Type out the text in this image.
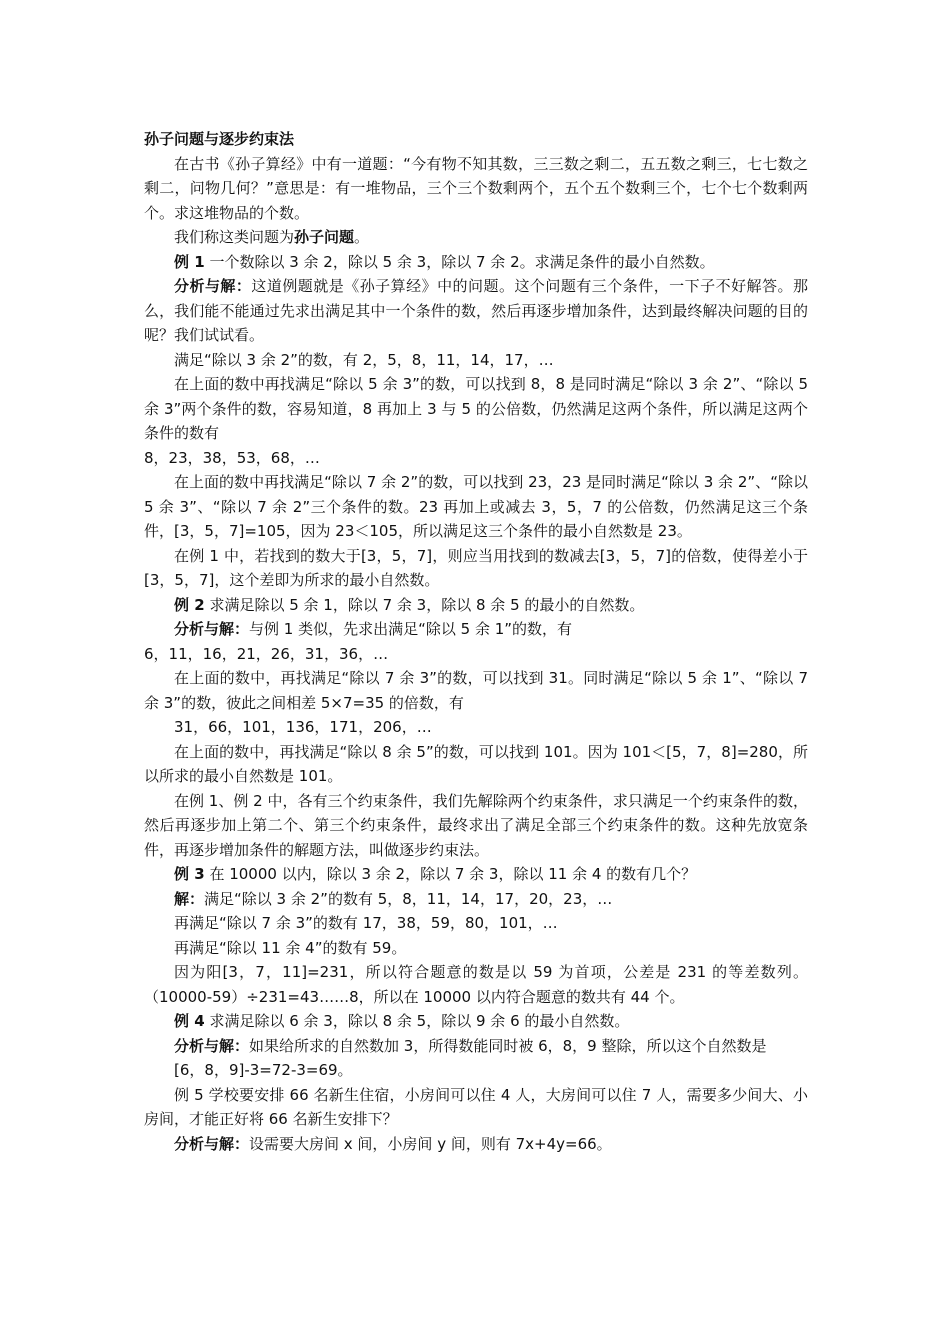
孙子问题与逐步约束法

在古书《孙子算经》中有一道题：“今有物不知其数，三三数之剩二，五五数之剩三，七七数之剩二，问物几何？”意思是：有一堆物品，三个三个数剩两个，五个五个数剩三个，七个七个数剩两个。求这堆物品的个数。

我们称这类问题为孙子问题。

例 1 一个数除以 3 余 2，除以 5 余 3，除以 7 余 2。求满足条件的最小自然数。

分析与解：这道例题就是《孙子算经》中的问题。这个问题有三个条件，一下子不好解答。那么，我们能不能通过先求出满足其中一个条件的数，然后再逐步增加条件，达到最终解决问题的目的呢？我们试试看。

满足“除以 3 余 2”的数，有 2，5，8，11，14，17，…

在上面的数中再找满足“除以 5 余 3”的数，可以找到 8，8 是同时满足“除以 3 余 2”、“除以 5 余 3”两个条件的数，容易知道，8 再加上 3 与 5 的公倍数，仍然满足这两个条件，所以满足这两个条件的数有

8，23，38，53，68，…

在上面的数中再找满足“除以 7 余 2”的数，可以找到 23，23 是同时满足“除以 3 余 2”、“除以 5 余 3”、“除以 7 余 2”三个条件的数。23 再加上或减去 3，5，7 的公倍数，仍然满足这三个条件，[3，5，7]=105，因为 23＜105，所以满足这三个条件的最小自然数是 23。

在例 1 中，若找到的数大于[3，5，7]，则应当用找到的数减去[3，5，7]的倍数，使得差小于[3，5，7]，这个差即为所求的最小自然数。

例 2 求满足除以 5 余 1，除以 7 余 3，除以 8 余 5 的最小的自然数。

分析与解：与例 1 类似，先求出满足“除以 5 余 1”的数，有

6，11，16，21，26，31，36，…

在上面的数中，再找满足“除以 7 余 3”的数，可以找到 31。同时满足“除以 5 余 1”、“除以 7 余 3”的数，彼此之间相差 5×7=35 的倍数，有

31，66，101，136，171，206，…

在上面的数中，再找满足“除以 8 余 5”的数，可以找到 101。因为 101＜[5，7，8]=280，所以所求的最小自然数是 101。

在例 1、例 2 中，各有三个约束条件，我们先解除两个约束条件，求只满足一个约束条件的数，然后再逐步加上第二个、第三个约束条件，最终求出了满足全部三个约束条件的数。这种先放宽条件，再逐步增加条件的解题方法，叫做逐步约束法。

例 3 在 10000 以内，除以 3 余 2，除以 7 余 3，除以 11 余 4 的数有几个？

解：满足“除以 3 余 2”的数有 5，8，11，14，17，20，23，…

再满足“除以 7 余 3”的数有 17，38，59，80，101，…

再满足“除以 11 余 4”的数有 59。

因为阳[3，7，11]=231，所以符合题意的数是以 59 为首项，公差是 231 的等差数列。（10000-59）÷231=43……8，所以在 10000 以内符合题意的数共有 44 个。

例 4 求满足除以 6 余 3，除以 8 余 5，除以 9 余 6 的最小自然数。

分析与解：如果给所求的自然数加 3，所得数能同时被 6，8，9 整除，所以这个自然数是

[6，8，9]-3=72-3=69。

例 5 学校要安排 66 名新生住宿，小房间可以住 4 人，大房间可以住 7 人，需要多少间大、小房间，才能正好将 66 名新生安排下？

分析与解：设需要大房间 x 间，小房间 y 间，则有 7x+4y=66。
